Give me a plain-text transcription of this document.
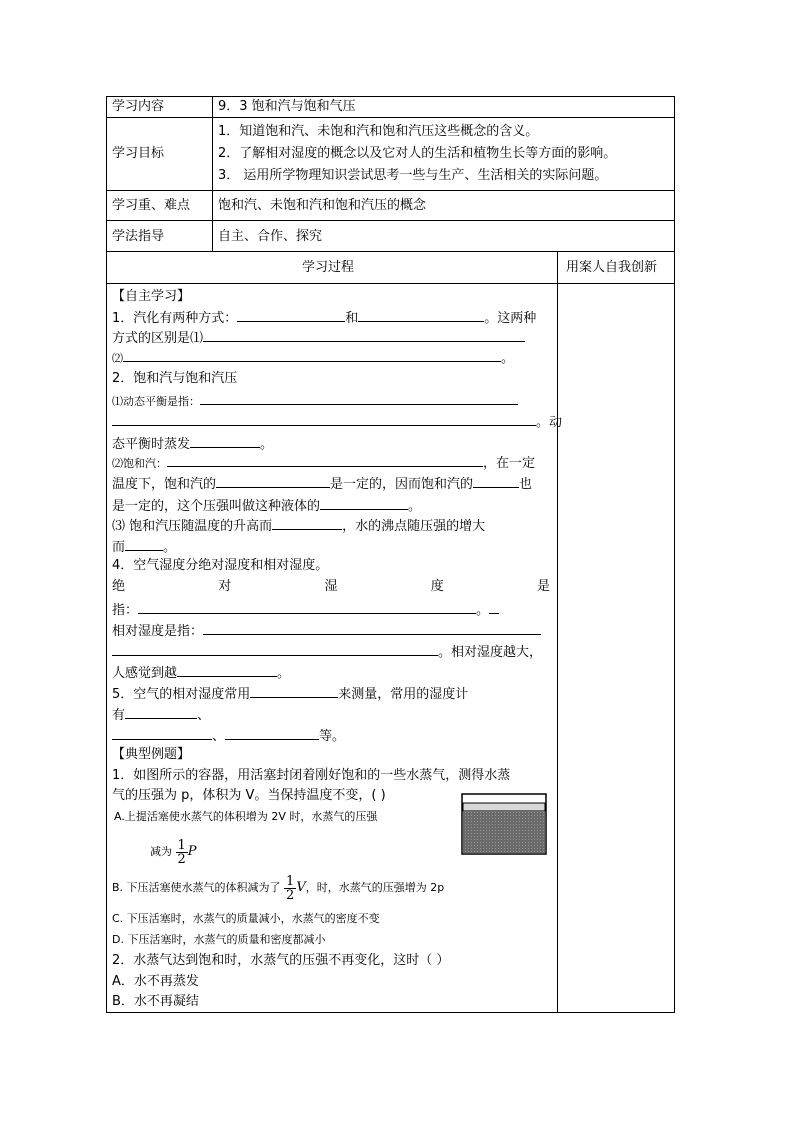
学习内容	9．3 饱和汽与饱和气压
学习目标
1．知道饱和汽、未饱和汽和饱和汽压这些概念的含义。
2．了解相对湿度的概念以及它对人的生活和植物生长等方面的影响。
3． 运用所学物理知识尝试思考一些与生产、生活相关的实际问题。
学习重、难点 饱和汽、未饱和汽和饱和汽压的概念
学法指导	自主、合作、探究
学习过程	用案人自我创新
【自主学习】
1．汽化有两种方式：	和	。这两种
方式的区别是⑴
⑵	。
2．饱和汽与饱和汽压
⑴动态平衡是指：
。动
态平衡时蒸发	。
⑵饱和汽：	，在一定
温度下，饱和汽的	是一定的，因而饱和汽的	也
是一定的，这个压强叫做这种液体的	。
⑶ 饱和汽压随温度的升高而	，水的沸点随压强的增大
而	。
4．空气湿度分绝对湿度和相对湿度。
绝	对	湿	度	是
指：	。
相对湿度是指：
。相对湿度越大，
人感觉到越	。
5．空气的相对湿度常用	来测量，常用的湿度计
有	、
、	等。
【典型例题】
1．如图所示的容器，用活塞封闭着刚好饱和的一些水蒸气，测得水蒸
气的压强为 p，体积为 V。当保持温度不变，( )
A.上提活塞使水蒸气的体积增为 2V 时，水蒸气的压强
减为 $\frac{1}{2}$ P
B. 下压活塞使水蒸气的体积减为了 $\frac{1}{2}$ V，时，水蒸气的压强增为 2p
C. 下压活塞时，水蒸气的质量减小，水蒸气的密度不变
D. 下压活塞时，水蒸气的质量和密度都减小
2．水蒸气达到饱和时，水蒸气的压强不再变化，这时（ ）
A．水不再蒸发
B．水不再凝结
